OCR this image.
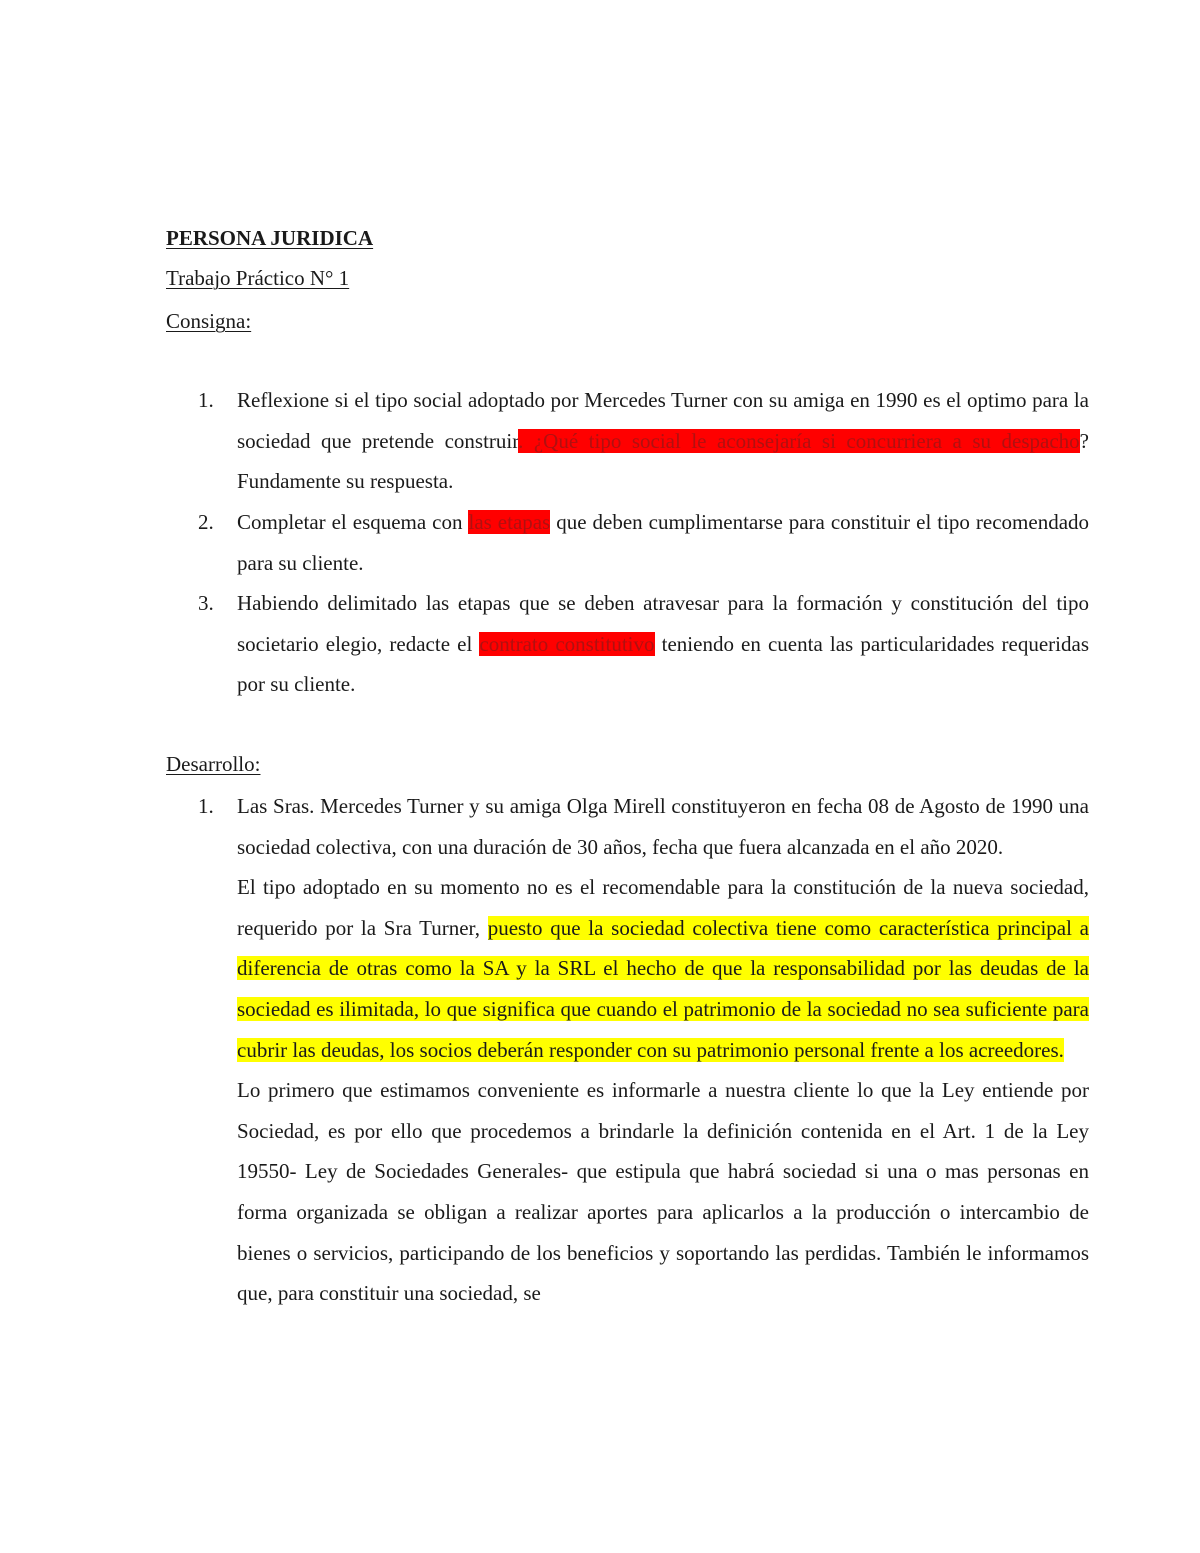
PERSONA JURIDICA
Trabajo Práctico N° 1
Consigna:
1. Reflexione si el tipo social adoptado por Mercedes Turner con su amiga en 1990 es el optimo para la sociedad que pretende construir. ¿Qué tipo social le aconsejaría si concurriera a su despacho? Fundamente su respuesta.
2. Completar el esquema con las etapas que deben cumplimentarse para constituir el tipo recomendado para su cliente.
3. Habiendo delimitado las etapas que se deben atravesar para la formación y constitución del tipo societario elegio, redacte el contrato constitutivo teniendo en cuenta las particularidades requeridas por su cliente.
Desarrollo:
1. Las Sras. Mercedes Turner y su amiga Olga Mirell constituyeron en fecha 08 de Agosto de 1990 una sociedad colectiva, con una duración de 30 años, fecha que fuera alcanzada en el año 2020.

El tipo adoptado en su momento no es el recomendable para la constitución de la nueva sociedad, requerido por la Sra Turner, puesto que la sociedad colectiva tiene como característica principal a diferencia de otras como la SA y la SRL el hecho de que la responsabilidad por las deudas de la sociedad es ilimitada, lo que significa que cuando el patrimonio de la sociedad no sea suficiente para cubrir las deudas, los socios deberán responder con su patrimonio personal frente a los acreedores.

Lo primero que estimamos conveniente es informarle a nuestra cliente lo que la Ley entiende por Sociedad, es por ello que procedemos a brindarle la definición contenida en el Art. 1 de la Ley 19550- Ley de Sociedades Generales- que estipula que habrá sociedad si una o mas personas en forma organizada se obligan a realizar aportes para aplicarlos a la producción o intercambio de bienes o servicios, participando de los beneficios y soportando las perdidas. También le informamos que, para constituir una sociedad, se
